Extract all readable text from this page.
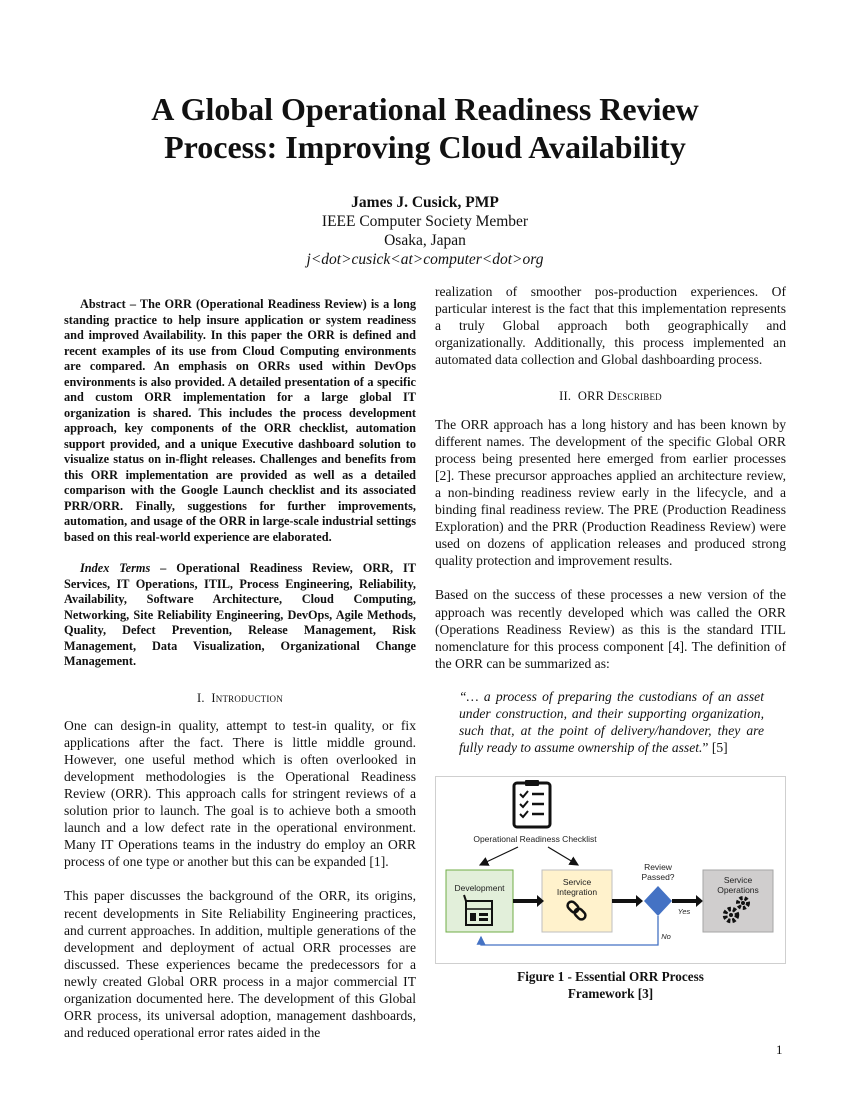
A Global Operational Readiness Review
Process: Improving Cloud Availability
James J. Cusick, PMP
IEEE Computer Society Member
Osaka, Japan
j<dot>cusick<at>computer<dot>org

Abstract – The ORR (Operational Readiness Review) is a long standing practice to help insure application or system readiness and improved Availability. In this paper the ORR is defined and recent examples of its use from Cloud Computing environments are compared. An emphasis on ORRs used within DevOps environments is also provided. A detailed presentation of a specific and custom ORR implementation for a large global IT organization is shared. This includes the process development approach, key components of the ORR checklist, automation support provided, and a unique Executive dashboard solution to visualize status on in-flight releases. Challenges and benefits from this ORR implementation are provided as well as a detailed comparison with the Google Launch checklist and its associated PRR/ORR. Finally, suggestions for further improvements, automation, and usage of the ORR in large-scale industrial settings based on this real-world experience are elaborated.

Index Terms – Operational Readiness Review, ORR, IT Services, IT Operations, ITIL, Process Engineering, Reliability, Availability, Software Architecture, Cloud Computing, Networking, Site Reliability Engineering, DevOps, Agile Methods, Quality, Defect Prevention, Release Management, Risk Management, Data Visualization, Organizational Change Management.

I. Introduction

One can design-in quality, attempt to test-in quality, or fix applications after the fact. There is little middle ground. However, one useful method which is often overlooked in development methodologies is the Operational Readiness Review (ORR). This approach calls for stringent reviews of a solution prior to launch. The goal is to achieve both a smooth launch and a low defect rate in the operational environment. Many IT Operations teams in the industry do employ an ORR process of one type or another but this can be expanded [1].

This paper discusses the background of the ORR, its origins, recent developments in Site Reliability Engineering practices, and current approaches. In addition, multiple generations of the development and deployment of actual ORR processes are discussed. These experiences became the predecessors for a newly created Global ORR process in a major commercial IT organization documented here. The development of this Global ORR process, its universal adoption, management dashboards, and reduced operational error rates aided in the

realization of smoother pos-production experiences. Of particular interest is the fact that this implementation represents a truly Global approach both geographically and organizationally. Additionally, this process implemented an automated data collection and Global dashboarding process.

II. ORR Described

The ORR approach has a long history and has been known by different names. The development of the specific Global ORR process being presented here emerged from earlier processes [2]. These precursor approaches applied an architecture review, a non-binding readiness review early in the lifecycle, and a binding final readiness review. The PRE (Production Readiness Exploration) and the PRR (Production Readiness Review) were used on dozens of application releases and produced strong quality protection and improvement results.

Based on the success of these processes a new version of the approach was recently developed which was called the ORR (Operations Readiness Review) as this is the standard ITIL nomenclature for this process component [4]. The definition of the ORR can be summarized as:

“… a process of preparing the custodians of an asset under construction, and their supporting organization, such that, at the point of delivery/handover, they are fully ready to assume ownership of the asset.” [5]

Operational Readiness Checklist
Development
Service Integration
Review Passed?
Yes
No
Service Operations
Figure 1 - Essential ORR Process
Framework [3]
1
